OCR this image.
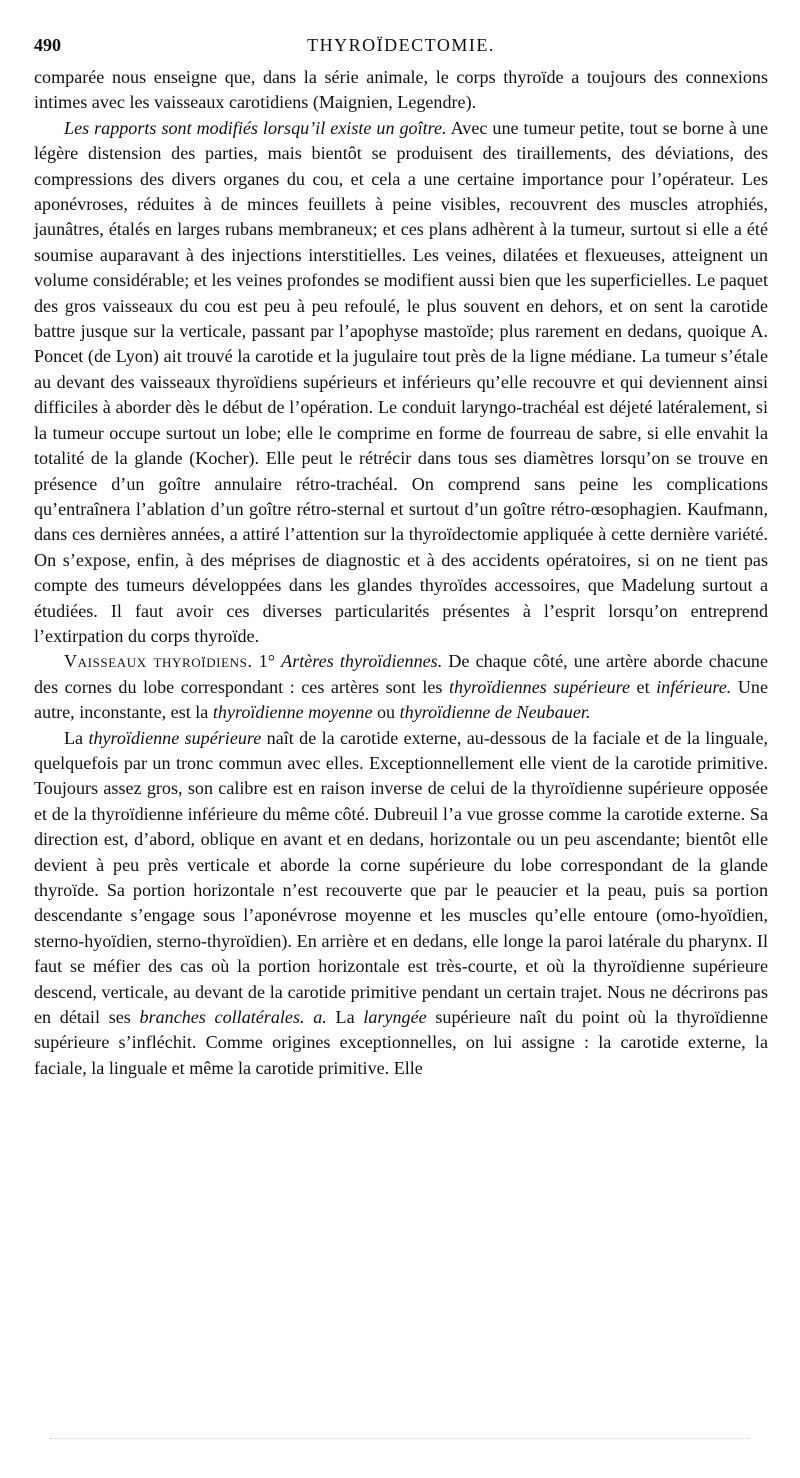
490	THYROÏDECTOMIE.

comparée nous enseigne que, dans la série animale, le corps thyroïde a toujours des connexions intimes avec les vaisseaux carotidiens (Maignien, Legendre).

Les rapports sont modifiés lorsqu’il existe un goître. Avec une tumeur petite, tout se borne à une légère distension des parties, mais bientôt se produisent des tiraillements, des déviations, des compressions des divers organes du cou, et cela a une certaine importance pour l’opérateur. Les aponévroses, réduites à de minces feuillets à peine visibles, recouvrent des muscles atrophiés, jaunâtres, étalés en larges rubans membraneux; et ces plans adhèrent à la tumeur, surtout si elle a été soumise auparavant à des injections interstitielles. Les veines, dilatées et flexueuses, atteignent un volume considérable; et les veines profondes se modifient aussi bien que les superficielles. Le paquet des gros vaisseaux du cou est peu à peu refoulé, le plus souvent en dehors, et on sent la carotide battre jusque sur la verticale, passant par l’apophyse mastoïde; plus rarement en dedans, quoique A. Poncet (de Lyon) ait trouvé la carotide et la jugulaire tout près de la ligne médiane. La tumeur s’étale au devant des vaisseaux thyroïdiens supérieurs et inférieurs qu’elle recouvre et qui deviennent ainsi difficiles à aborder dès le début de l’opération. Le conduit laryngo-trachéal est déjeté latéralement, si la tumeur occupe surtout un lobe; elle le comprime en forme de fourreau de sabre, si elle envahit la totalité de la glande (Kocher). Elle peut le rétrécir dans tous ses diamètres lorsqu’on se trouve en présence d’un goître annulaire rétro-trachéal. On comprend sans peine les complications qu’entraînera l’ablation d’un goître rétro-sternal et surtout d’un goître rétro-œsophagien. Kaufmann, dans ces dernières années, a attiré l’attention sur la thyroïdectomie appliquée à cette dernière variété. On s’expose, enfin, à des méprises de diagnostic et à des accidents opératoires, si on ne tient pas compte des tumeurs développées dans les glandes thyroïdes accessoires, que Madelung surtout a étudiées. Il faut avoir ces diverses particularités présentes à l’esprit lorsqu’on entreprend l’extirpation du corps thyroïde.

Vaisseaux thyroïdiens. 1° Artères thyroïdiennes. De chaque côté, une artère aborde chacune des cornes du lobe correspondant : ces artères sont les thyroïdiennes supérieure et inférieure. Une autre, inconstante, est la thyroïdienne moyenne ou thyroïdienne de Neubauer.

La thyroïdienne supérieure naît de la carotide externe, au-dessous de la faciale et de la linguale, quelquefois par un tronc commun avec elles. Exceptionnellement elle vient de la carotide primitive. Toujours assez gros, son calibre est en raison inverse de celui de la thyroïdienne supérieure opposée et de la thyroïdienne inférieure du même côté. Dubreuil l’a vue grosse comme la carotide externe. Sa direction est, d’abord, oblique en avant et en dedans, horizontale ou un peu ascendante; bientôt elle devient à peu près verticale et aborde la corne supérieure du lobe correspondant de la glande thyroïde. Sa portion horizontale n’est recouverte que par le peaucier et la peau, puis sa portion descendante s’engage sous l’aponévrose moyenne et les muscles qu’elle entoure (omo-hyoïdien, sterno-hyoïdien, sterno-thyroïdien). En arrière et en dedans, elle longe la paroi latérale du pharynx. Il faut se méfier des cas où la portion horizontale est très-courte, et où la thyroïdienne supérieure descend, verticale, au devant de la carotide primitive pendant un certain trajet. Nous ne décrirons pas en détail ses branches collatérales. a. La laryngée supérieure naît du point où la thyroïdienne supérieure s’infléchit. Comme origines exceptionnelles, on lui assigne : la carotide externe, la faciale, la linguale et même la carotide primitive. Elle
